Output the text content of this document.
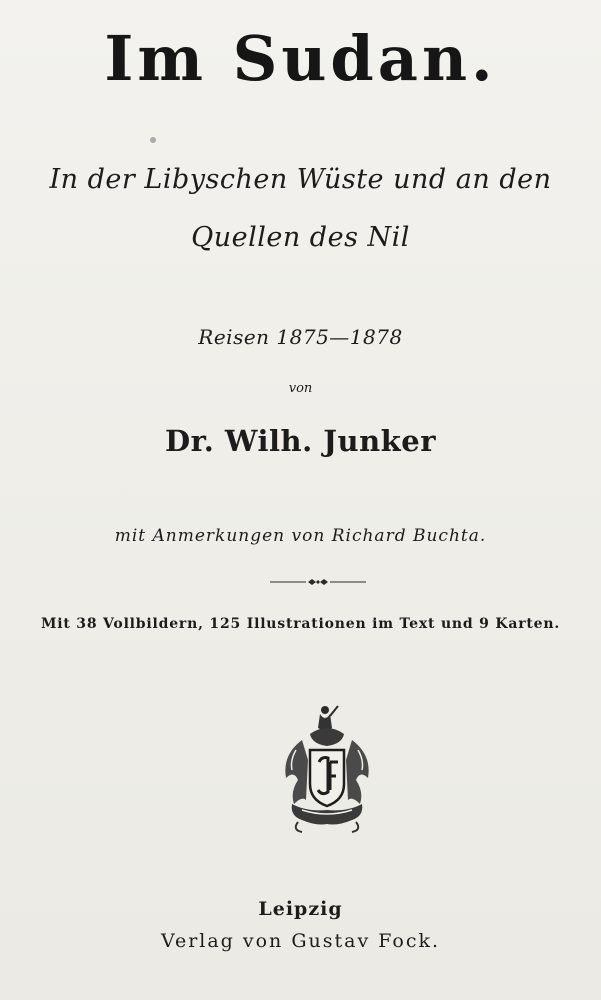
Im Sudan.
In der Libyschen Wüste und an den
Quellen des Nil
Reisen 1875—1878
von
Dr. Wilh. Junker
mit Anmerkungen von Richard Buchta.
Mit 38 Vollbildern, 125 Illustrationen im Text und 9 Karten.
Leipzig
Verlag von Gustav Fock.
